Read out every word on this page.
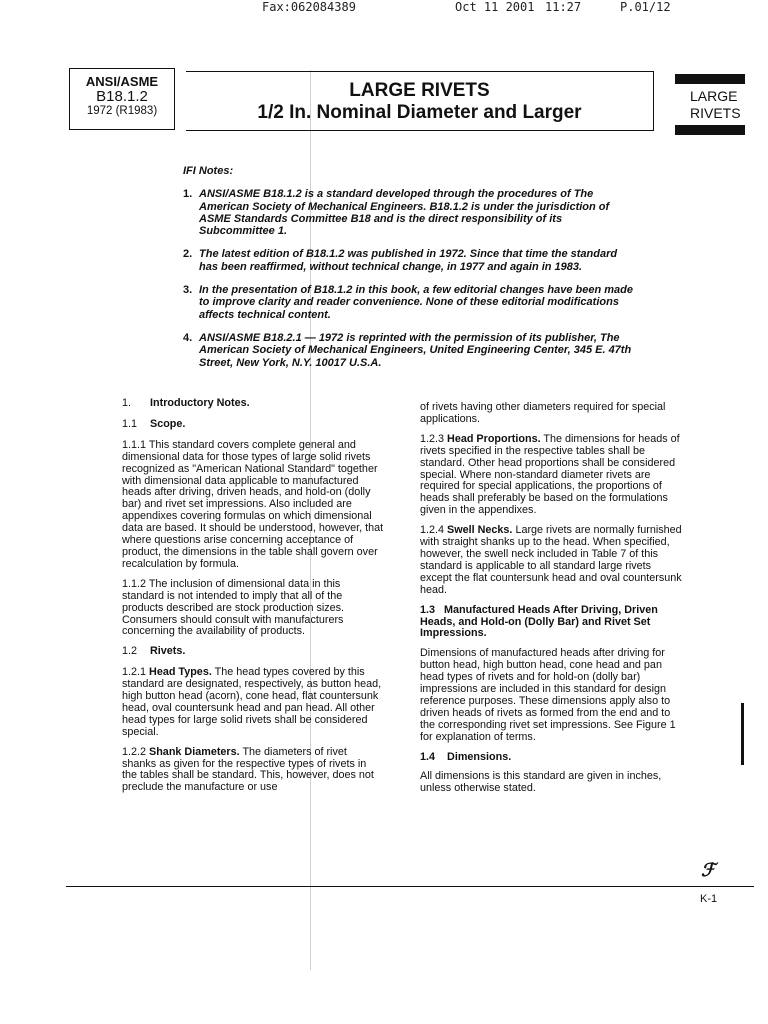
Fax:062084389	Oct 11 2001 11:27	P.01/12
ANSI/ASME
B18.1.2
1972 (R1983)
LARGE RIVETS
1/2 In. Nominal Diameter and Larger
LARGE
RIVETS
IFI Notes:
1. ANSI/ASME B18.1.2 is a standard developed through the procedures of The American Society of Mechanical Engineers. B18.1.2 is under the jurisdiction of ASME Standards Committee B18 and is the direct responsibility of its Subcommittee 1.
2. The latest edition of B18.1.2 was published in 1972. Since that time the standard has been reaffirmed, without technical change, in 1977 and again in 1983.
3. In the presentation of B18.1.2 in this book, a few editorial changes have been made to improve clarity and reader convenience. None of these editorial modifications affects technical content.
4. ANSI/ASME B18.2.1 — 1972 is reprinted with the permission of its publisher, The American Society of Mechanical Engineers, United Engineering Center, 345 E. 47th Street, New York, N.Y. 10017 U.S.A.
1. Introductory Notes.
1.1 Scope.

1.1.1 This standard covers complete general and dimensional data for those types of large solid rivets recognized as "American National Standard" together with dimensional data applicable to manufactured heads after driving, driven heads, and hold-on (dolly bar) and rivet set impressions. Also included are appendixes covering formulas on which dimensional data are based. It should be understood, however, that where questions arise concerning acceptance of product, the dimensions in the table shall govern over recalculation by formula.

1.1.2 The inclusion of dimensional data in this standard is not intended to imply that all of the products described are stock production sizes. Consumers should consult with manufacturers concerning the availability of products.

1.2 Rivets.

1.2.1 Head Types. The head types covered by this standard are designated, respectively, as button head, high button head (acorn), cone head, flat countersunk head, oval countersunk head and pan head. All other head types for large solid rivets shall be considered special.

1.2.2 Shank Diameters. The diameters of rivet shanks as given for the respective types of rivets in the tables shall be standard. This, however, does not preclude the manufacture or use

of rivets having other diameters required for special applications.

1.2.3 Head Proportions. The dimensions for heads of rivets specified in the respective tables shall be standard. Other head proportions shall be considered special. Where non-standard diameter rivets are required for special applications, the proportions of heads shall preferably be based on the formulations given in the appendixes.

1.2.4 Swell Necks. Large rivets are normally furnished with straight shanks up to the head. When specified, however, the swell neck included in Table 7 of this standard is applicable to all standard large rivets except the flat countersunk head and oval countersunk head.

1.3 Manufactured Heads After Driving, Driven Heads, and Hold-on (Dolly Bar) and Rivet Set Impressions.

Dimensions of manufactured heads after driving for button head, high button head, cone head and pan head types of rivets and for hold-on (dolly bar) impressions are included in this standard for design reference purposes. These dimensions apply also to driven heads of rivets as formed from the end and to the corresponding rivet set impressions. See Figure 1 for explanation of terms.

1.4 Dimensions.

All dimensions is this standard are given in inches, unless otherwise stated.

ℱ
K-1
